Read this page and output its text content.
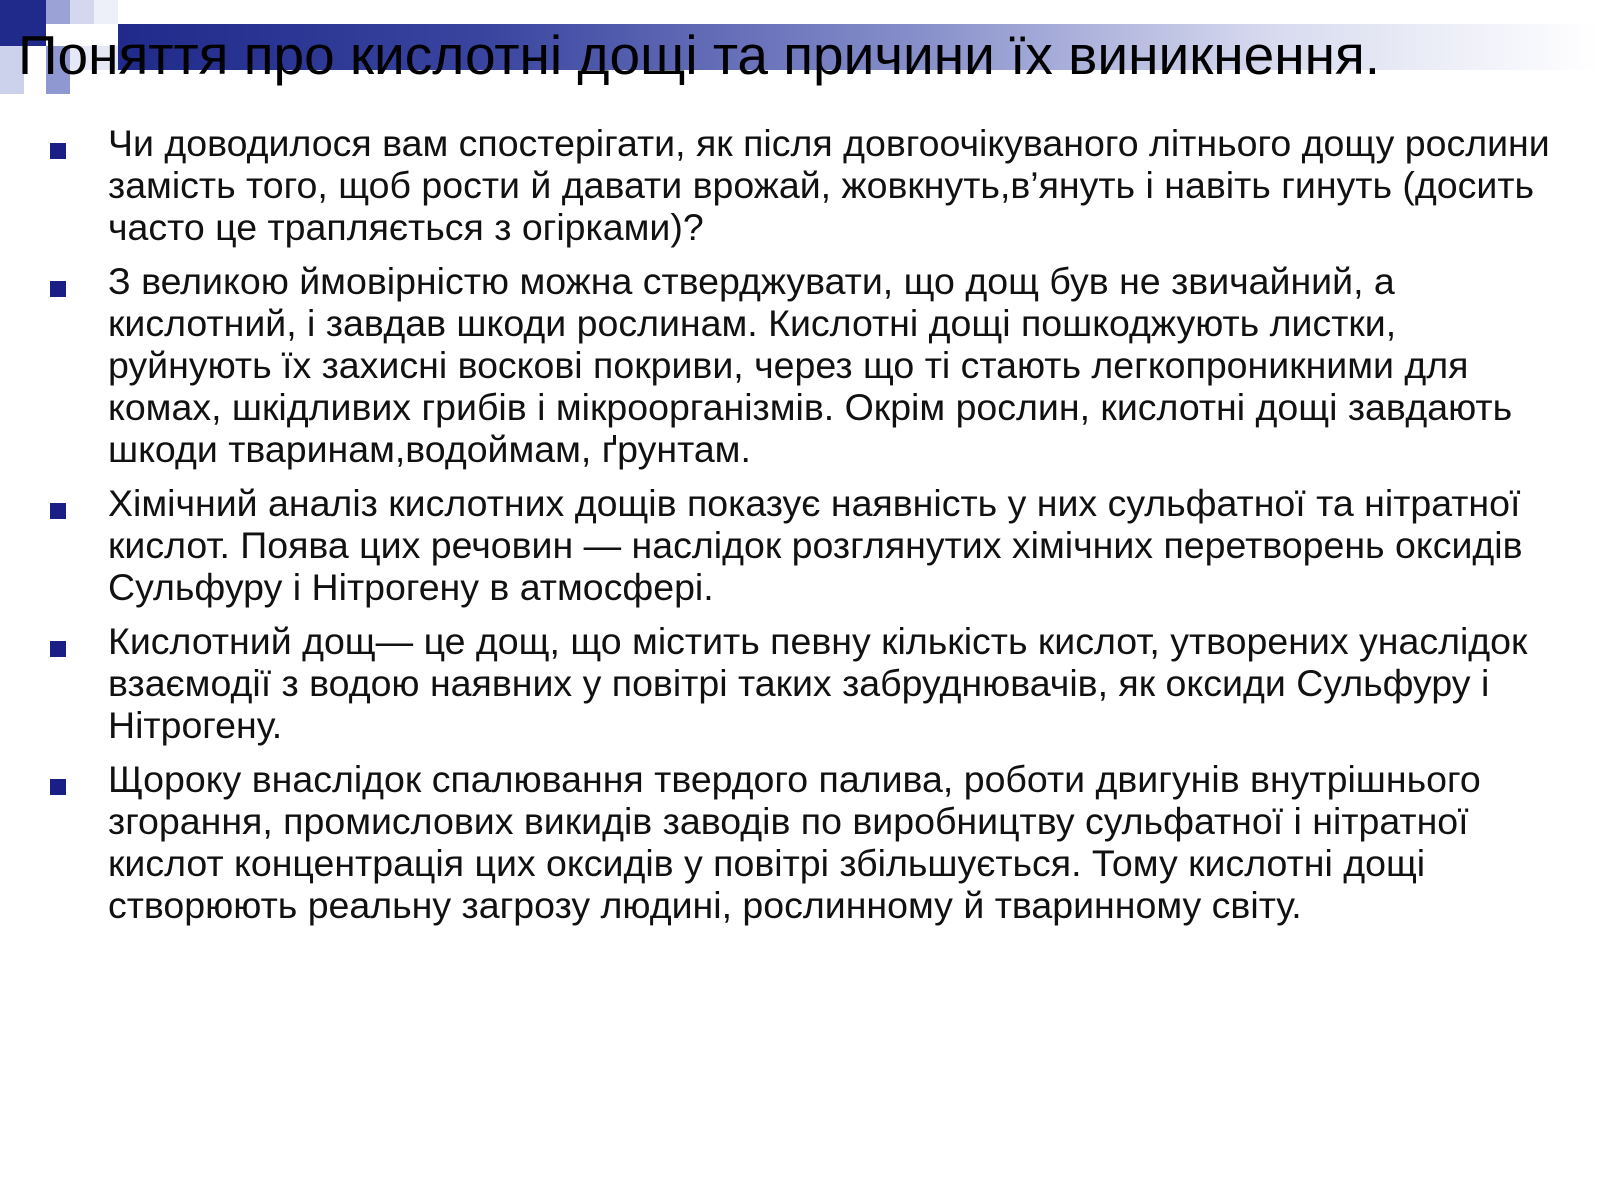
Поняття про кислотні дощі та причини їх виникнення.
Чи доводилося вам спостерігати, як після довгоочікуваного літнього дощу рослини замість того, щоб рости й давати врожай, жовкнуть,в’януть і навіть гинуть (досить часто це трапляється з огірками)?
З великою ймовірністю можна стверджувати, що дощ був не звичайний, а кислотний, і завдав шкоди рослинам. Кислотні дощі пошкоджують листки, руйнують їх захисні воскові покриви, через що ті стають легкопроникними для комах, шкідливих грибів і мікроорганізмів. Окрім рослин, кислотні дощі завдають шкоди тваринам,водоймам, ґрунтам.
Хімічний аналіз кислотних дощів показує наявність у них сульфатної та нітратної кислот. Поява цих речовин — наслідок розглянутих хімічних перетворень оксидів Сульфуру і Нітрогену в атмосфері.
Кислотний дощ— це дощ, що містить певну кількість кислот, утворених унаслідок взаємодії з водою наявних у повітрі таких забруднювачів, як оксиди Сульфуру і Нітрогену.
Щороку внаслідок спалювання твердого палива, роботи двигунів внутрішнього згорання, промислових викидів заводів по виробництву сульфатної і нітратної кислот концентрація цих оксидів у повітрі збільшується. Тому кислотні дощі створюють реальну загрозу людині, рослинному й тваринному світу.
